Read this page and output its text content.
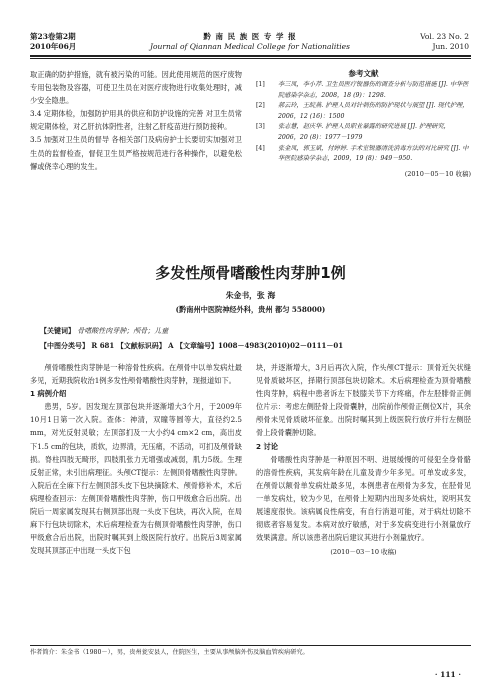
第23卷第2期
2010年06月
黔 南 民 族 医 专 学 报
Journal of Qiannan Medical College for Nationalities
Vol. 23 No. 2
Jun. 2010

取正确的防护措施，就有被污染的可能。因此使用规范的医疗废物专用包装物及容器，可使卫生员在对医疗废物进行收集处理时，减少安全隐患。

3.4 定期体检，加强防护用具的供应和防护设施的完善 对卫生员常规定期体检，对乙肝抗体阴性者，注射乙肝疫苗进行预防接种。

3.5 加强对卫生员的督导 各相关部门及病房护士长要切实加强对卫生员的监督检查，督促卫生员严格按规范进行各种操作，以避免松懈或侥幸心理的发生。

参考文献
[1]	李三凤，李小芹. 卫生员医疗锐器伤的调查分析与防范措施 [J]. 中华医院感染学杂志，2008，18 (9)：1298.
[2]	郝云玲，王皖燕. 护理人员对针刺伤的防护现状与展望 [J]. 现代护理，2006，12 (16)：1500
[3]	张志慧，赵庆华. 护理人员职业暴露的研究进展 [J]. 护理研究，2006，20 (8)：1977－1979
[4]	张金凤，郭玉斌，付婷婷. 手术室锐器清洗消毒方法的对比研究 [J]. 中华医院感染学杂志，2009，19 (8)：949－950.
(2010－05－10 收稿)
多发性颅骨嗜酸性肉芽肿1例
朱金书，张 海
(黔南州中医院神经外科，贵州 都匀 558000)
【关键词】 骨嗜酸性肉芽肿；颅骨；儿童
【中图分类号】 R 681 【文献标识码】 A 【文章编号】1008－4983(2010)02－0111－01

颅骨嗜酸性肉芽肿是一种溶骨性疾病。在颅骨中以单发病灶最多见，近期我院收治1例多发性颅骨嗜酸性肉芽肿，现报道如下。

1 病例介绍

患男，5岁。因发现左顶部包块并逐渐增大3个月，于2009年10月1日第一次入院。查体：神清，双瞳等圆等大，直径约2.5 mm，对光反射灵敏；左顶部扪及一大小约4 cm×2 cm，高出皮下1.5 cm的包块，质软，边界清，无压痛，不活动，可扪及颅骨缺损。脊柱四肢无畸形，四肢肌张力无增强或减弱，肌力5级。生理反射正常，未引出病理征。头颅CT提示：左侧顶骨嗜酸性肉芽肿。入院后在全麻下行左侧顶部头皮下包块摘除术、颅骨修补术，术后病理检查回示：左侧顶骨嗜酸性肉芽肿，伤口甲级愈合后出院。出院后一周家属发现其右侧顶部出现一头皮下包块，再次入院，在局麻下行包块切除术，术后病理检查为右侧顶骨嗜酸性肉芽肿，伤口甲级愈合后出院，出院时嘱其到上级医院行放疗。出院后3周家属发现其顶部正中出现一头皮下包

块，并逐渐增大，3月后再次入院，作头颅CT提示：顶骨近矢状缝见骨质破坏区，择期行顶部包块切除术。术后病理检查为顶骨嗜酸性肉芽肿，病程中患者诉左下肢膝关节下方疼痛，作左胫腓骨正侧位片示：考虑左侧胫骨上段骨囊肿，出院前作颅骨正侧位X片，其余颅骨未见骨质破坏征象。出院时嘱其到上级医院行放疗并行左侧胫骨上段骨囊肿切除。

2 讨论

骨嗜酸性肉芽肿是一种原因不明、进展缓慢的可侵犯全身骨骼的溶骨性疾病，其发病年龄在儿童及青少年多见。可单发或多发，在颅骨以额骨单发病灶最多见，本例患者在颅骨为多发，在胫骨见一单发病灶，较为少见，在颅骨上短期内出现多处病灶，说明其发展速度很快。该病属良性病变，有自行消退可能，对于病灶切除不彻底者容易复发。本病对放疗敏感，对于多发病变进行小剂量放疗效果满意。所以该患者出院后建议其进行小剂量放疗。

(2010－03－10 收稿)
作者简介：朱金书（1980－），男，贵州瓮安县人，住院医生，主要从事颅脑外伤及脑血管疾病研究。
· 111 ·
